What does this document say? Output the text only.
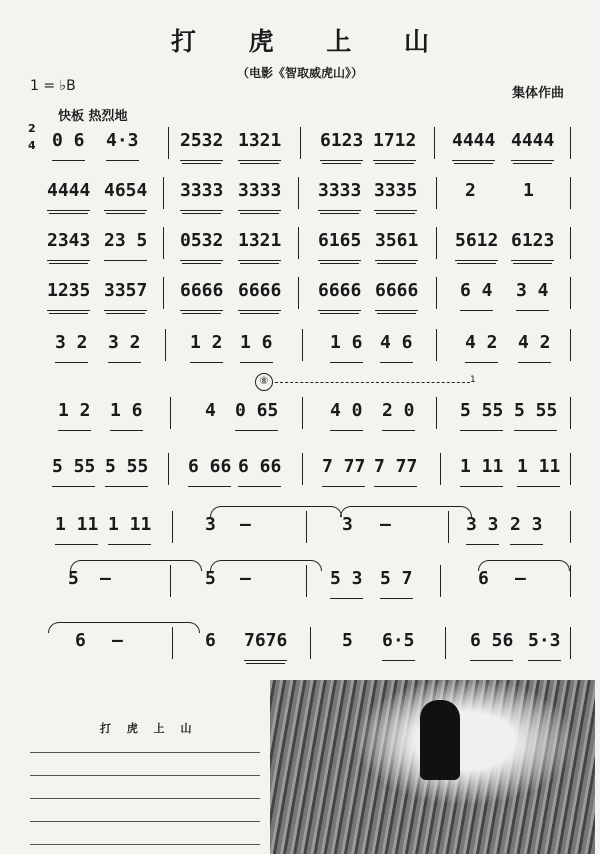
打 虎 上 山
（电影《智取威虎山》）
1 = ♭B	集体作曲
快板 热烈地
2
4 0 6 4·3 2532 1321 6123 1712 4444 4444
4444 4654 3333 3333 3333 3335	2	1
2343 23 5 0532 1321 6165 3561 5612 6123
1235 3357 6666 6666 6666 6666 6 4 3 4
3 2 3 2	1 2 1 6	1 6 4 6	4 2 4 2
1 2 1 6	4 0 65	4 0 2 0	5 55 5 55
5 55 5 55 6 66 6 66 7 77 7 77 1 11 1 11
1 11 1 11	3 —	3 —	3 3 2 3
5 —	5 —	5 3 5 7	6 —
6 —	6 7676	5 6·5	6 56 5·3
⑧	1
打 虎 上 山
